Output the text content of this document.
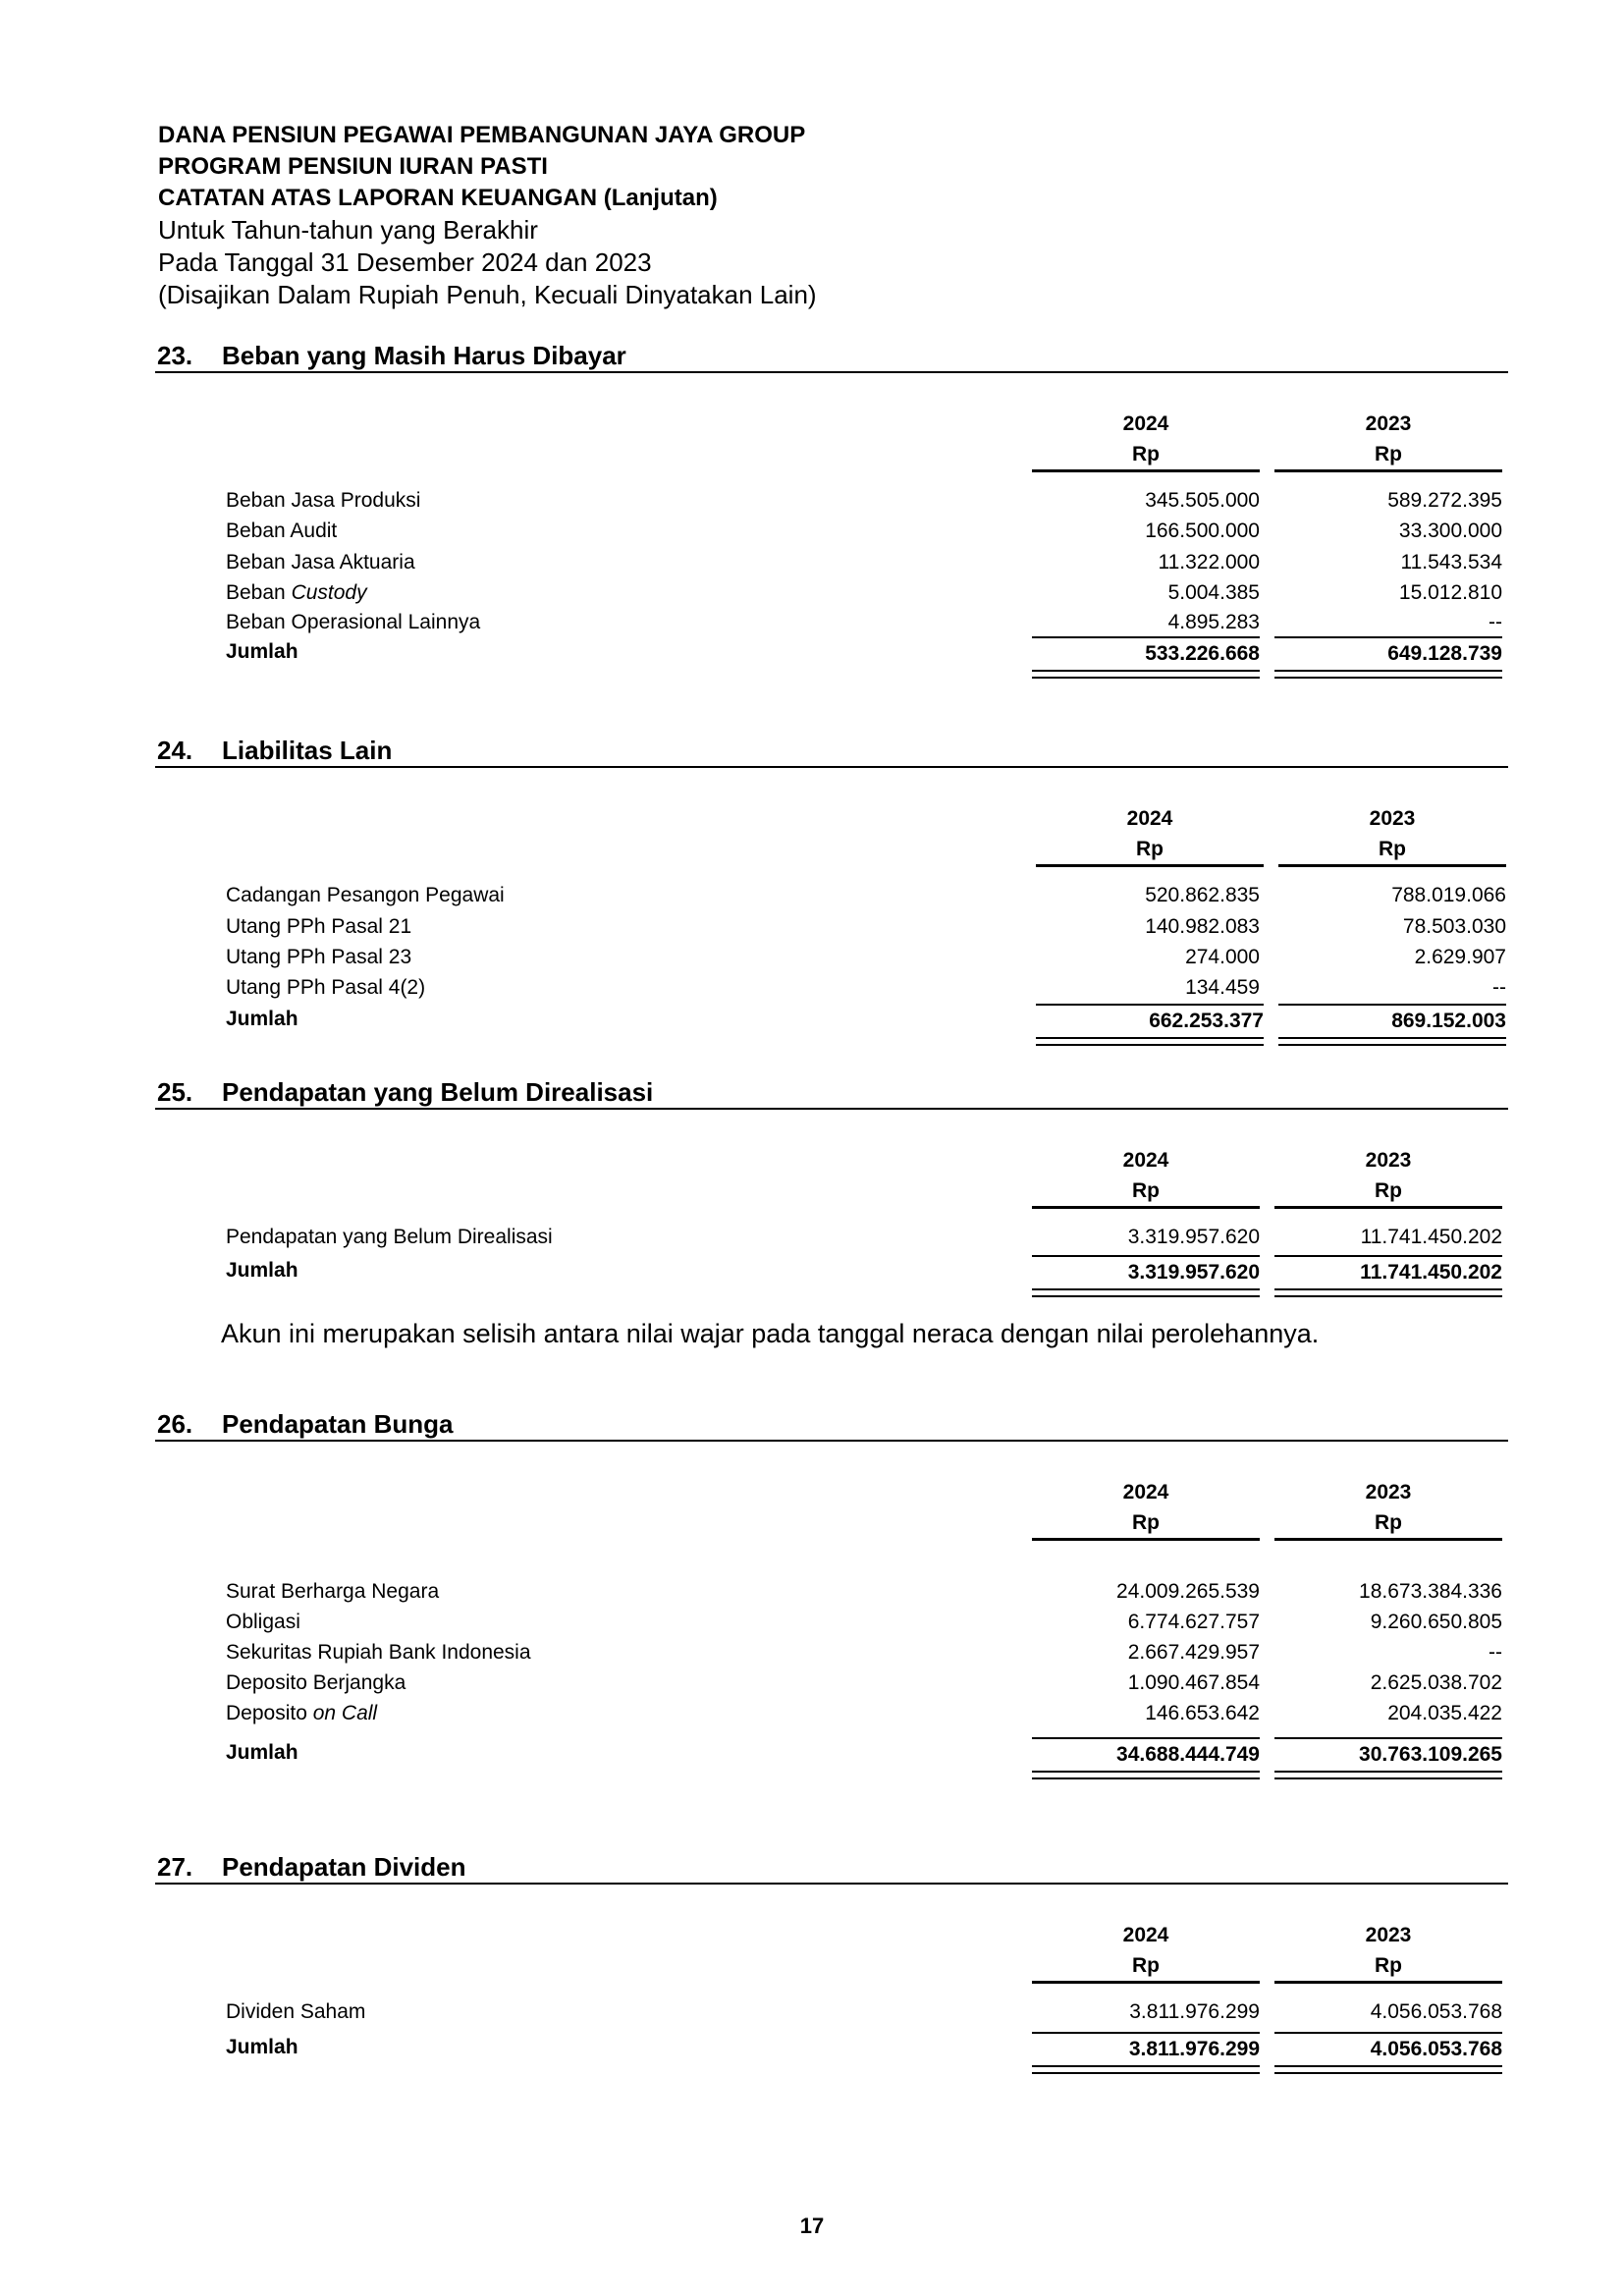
DANA PENSIUN PEGAWAI PEMBANGUNAN JAYA GROUP
PROGRAM PENSIUN IURAN PASTI
CATATAN ATAS LAPORAN KEUANGAN (Lanjutan)
Untuk Tahun-tahun yang Berakhir
Pada Tanggal 31 Desember 2024 dan 2023
(Disajikan Dalam Rupiah Penuh, Kecuali Dinyatakan Lain)
23. Beban yang Masih Harus Dibayar
2024
Rp
2023
Rp
Beban Jasa Produksi	345.505.000	589.272.395
Beban Audit	166.500.000	33.300.000
Beban Jasa Aktuaria	11.322.000	11.543.534
Beban Custody	5.004.385	15.012.810
Beban Operasional Lainnya	4.895.283	--
Jumlah	533.226.668	649.128.739
24. Liabilitas Lain
2024
Rp
2023
Rp
Cadangan Pesangon Pegawai	520.862.835	788.019.066
Utang PPh Pasal 21	140.982.083	78.503.030
Utang PPh Pasal 23	274.000	2.629.907
Utang PPh Pasal 4(2)	134.459	--
Jumlah	662.253.377	869.152.003
25. Pendapatan yang Belum Direalisasi
2024
Rp
2023
Rp
Pendapatan yang Belum Direalisasi	3.319.957.620	11.741.450.202
Jumlah	3.319.957.620	11.741.450.202
Akun ini merupakan selisih antara nilai wajar pada tanggal neraca dengan nilai perolehannya.
26. Pendapatan Bunga
2024
Rp
2023
Rp
Surat Berharga Negara	24.009.265.539	18.673.384.336
Obligasi	6.774.627.757	9.260.650.805
Sekuritas Rupiah Bank Indonesia	2.667.429.957	--
Deposito Berjangka	1.090.467.854	2.625.038.702
Deposito on Call	146.653.642	204.035.422
Jumlah	34.688.444.749	30.763.109.265
27. Pendapatan Dividen
2024
Rp
2023
Rp
Dividen Saham	3.811.976.299	4.056.053.768
Jumlah	3.811.976.299	4.056.053.768
17
